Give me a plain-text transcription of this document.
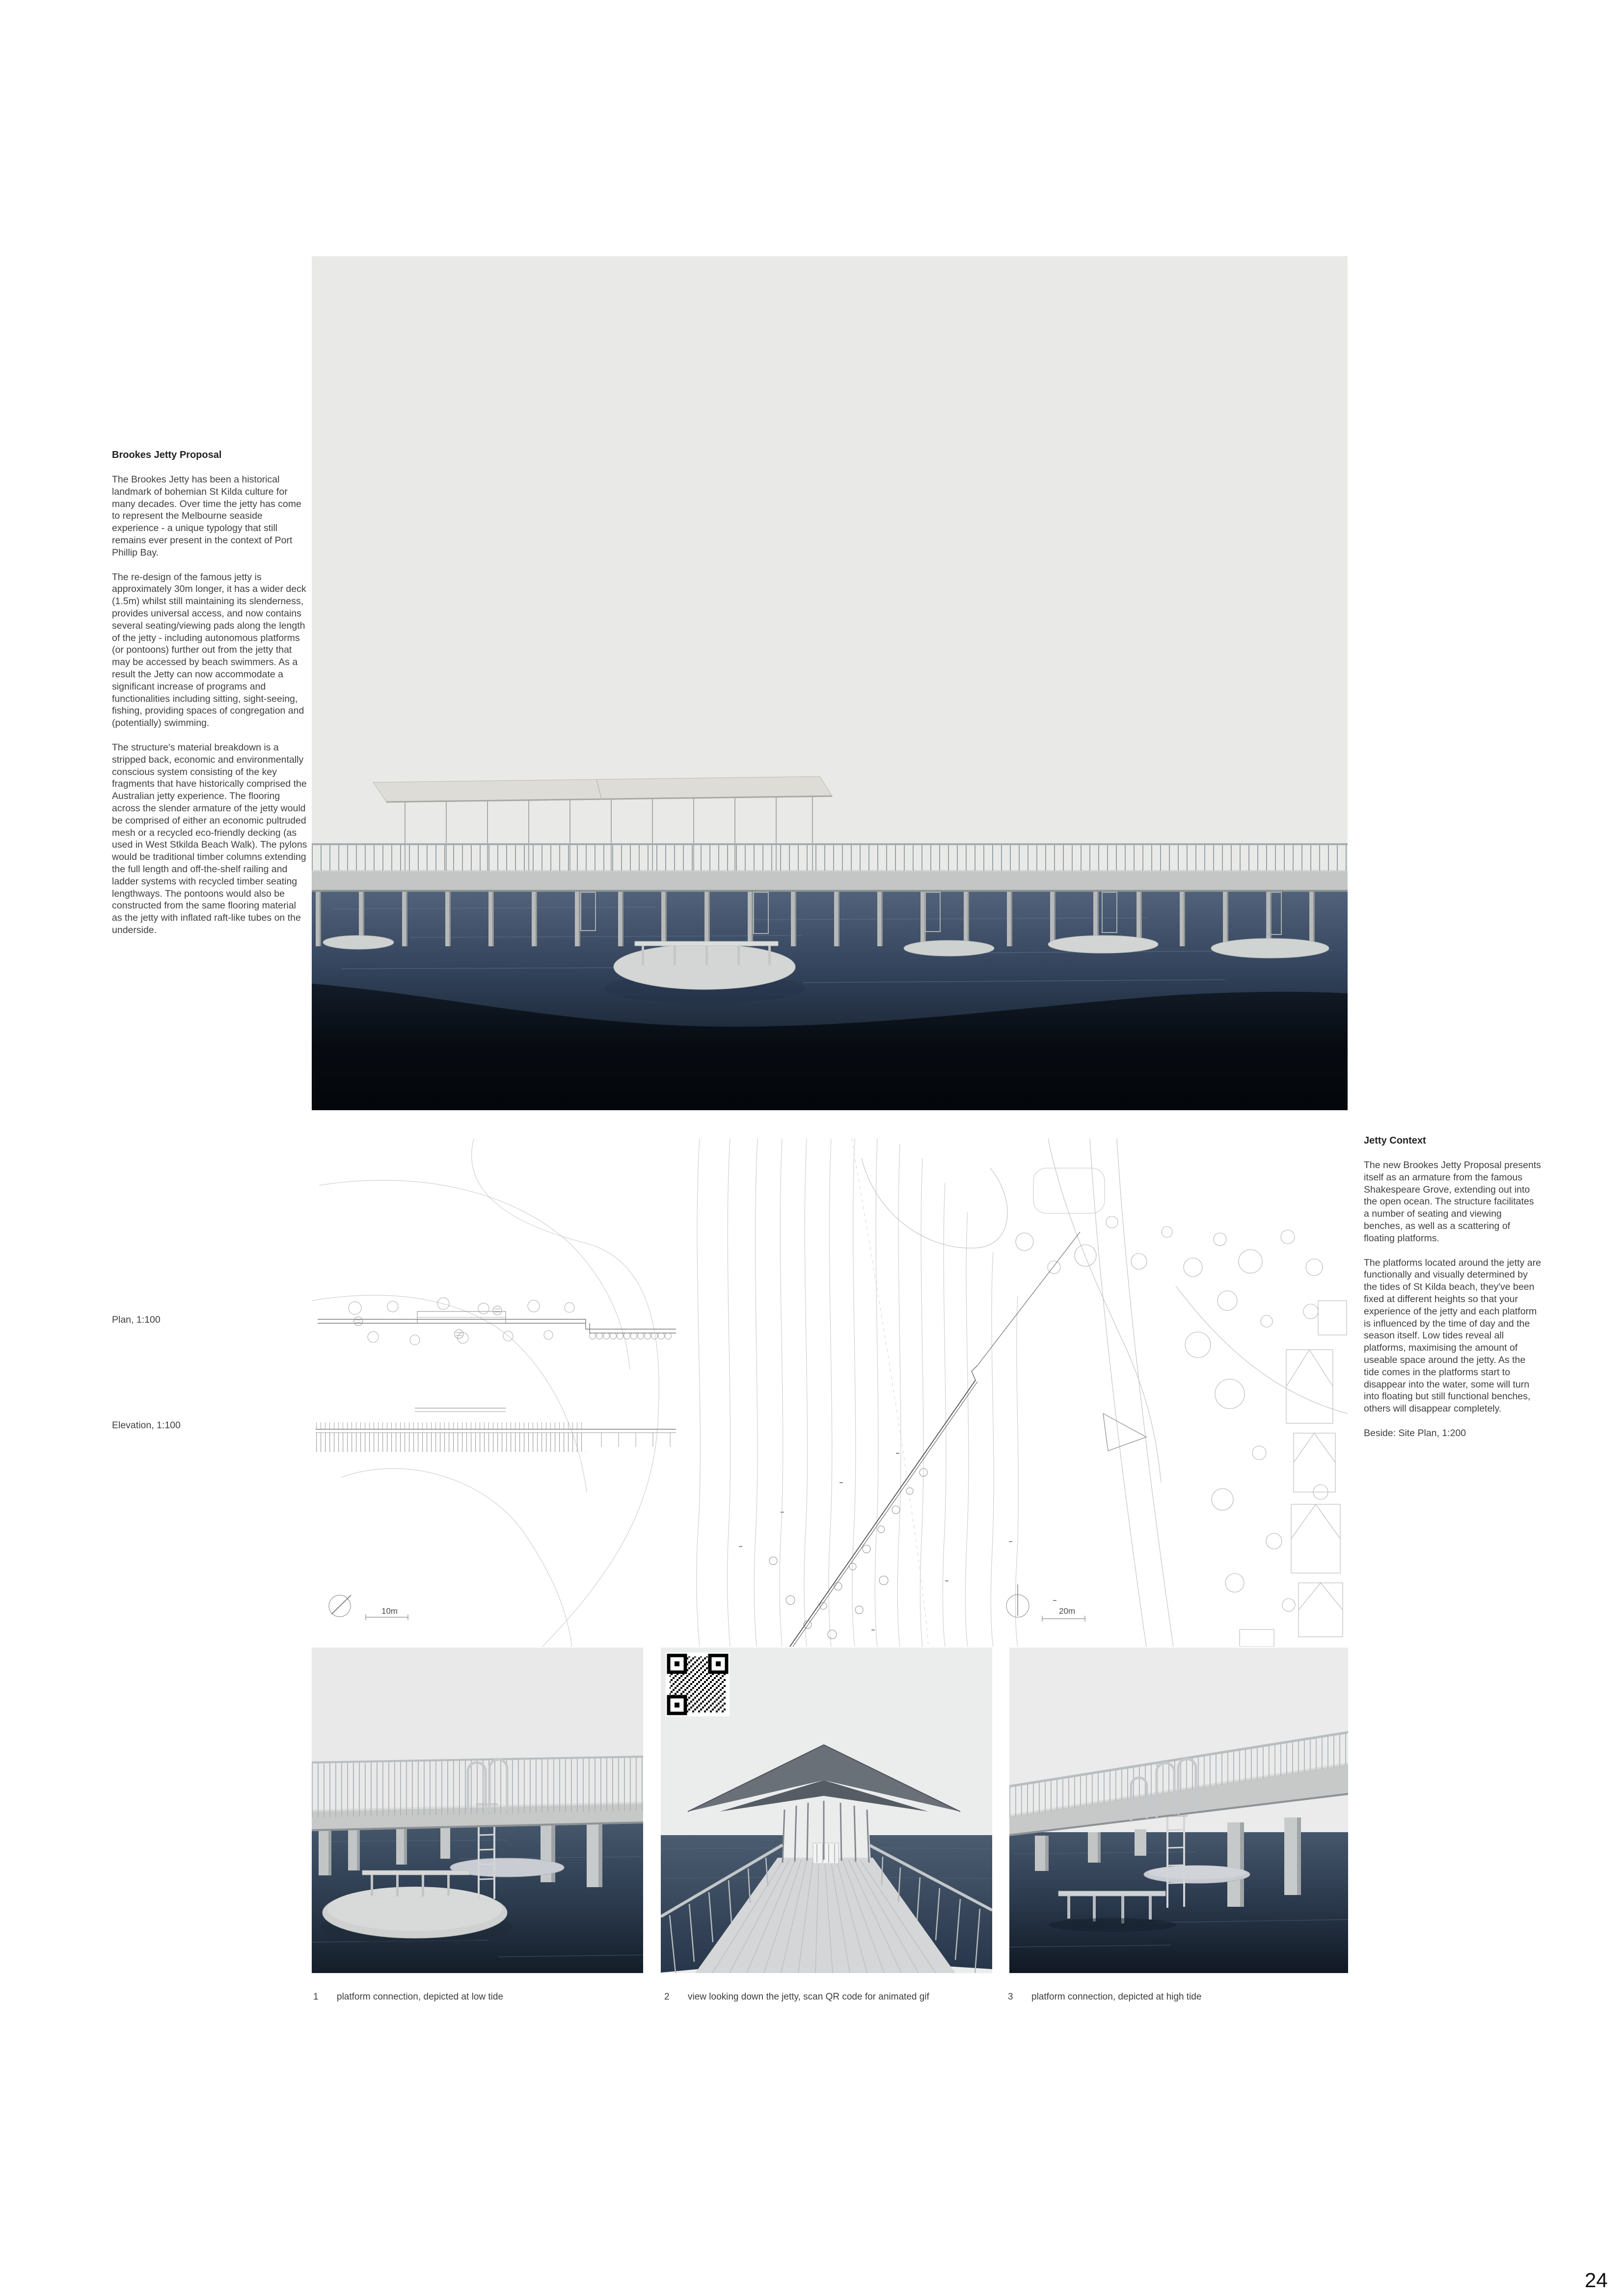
Brookes Jetty Proposal

The Brookes Jetty has been a historical landmark of bohemian St Kilda culture for many decades. Over time the jetty has come to represent the Melbourne seaside experience - a unique typology that still remains ever present in the context of Port Phillip Bay.

The re-design of the famous jetty is approximately 30m longer, it has a wider deck (1.5m) whilst still maintaining its slenderness, provides universal access, and now contains several seating/viewing pads along the length of the jetty - including autonomous platforms (or pontoons) further out from the jetty that may be accessed by beach swimmers. As a result the Jetty can now accommodate a significant increase of programs and functionalities including sitting, sight-seeing, fishing, providing spaces of congregation and (potentially) swimming.

The structure's material breakdown is a stripped back, economic and environmentally conscious system consisting of the key fragments that have historically comprised the Australian jetty experience. The flooring across the slender armature of the jetty would be comprised of either an economic pultruded mesh or a recycled eco-friendly decking (as used in West Stkilda Beach Walk). The pylons would be traditional timber columns extending the full length and off-the-shelf railing and ladder systems with recycled timber seating lengthways. The pontoons would also be constructed from the same flooring material as the jetty with inflated raft-like tubes on the underside.

Plan, 1:100
Elevation, 1:100
10m	20m
Jetty Context

The new Brookes Jetty Proposal presents itself as an armature from the famous Shakespeare Grove, extending out into the open ocean. The structure facilitates a number of seating and viewing benches, as well as a scattering of floating platforms.

The platforms located around the jetty are functionally and visually determined by the tides of St Kilda beach, they've been fixed at different heights so that your experience of the jetty and each platform is influenced by the time of day and the season itself. Low tides reveal all platforms, maximising the amount of useable space around the jetty. As the tide comes in the platforms start to disappear into the water, some will turn into floating but still functional benches, others will disappear completely.

Beside: Site Plan, 1:200

1	platform connection, depicted at low tide	2	view looking down the jetty, scan QR code for animated gif	3	platform connection, depicted at high tide
24
